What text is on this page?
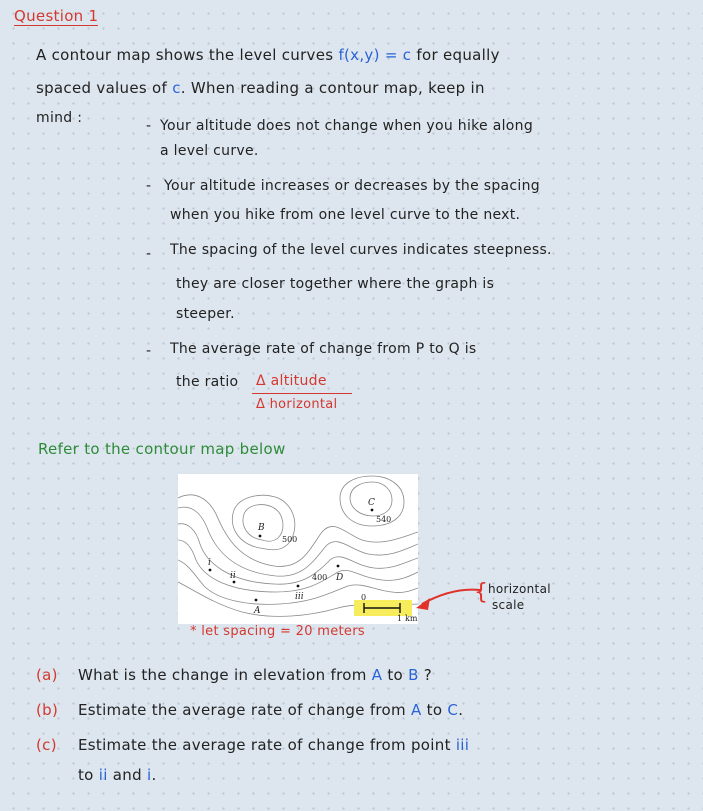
Question 1
A contour map shows the level curves f(x,y) = c for equally
spaced values of c. When reading a contour map, keep in
mind :	- Your altitude does not change when you hike along
a level curve.
- Your altitude increases or decreases by the spacing
when you hike from one level curve to the next.
- The spacing of the level curves indicates steepness.
they are closer together where the graph is
steeper.
- The average rate of change from P to Q is
the ratio Δ altitude
Δ horizontal
Refer to the contour map below
B
C
D
A
i
ii
iii
500
540
400
0
1 km
{ horizontal
scale
* let spacing = 20 meters
(a) What is the change in elevation from A to B ?
(b) Estimate the average rate of change from A to C.
(c) Estimate the average rate of change from point iii
to ii and i.
